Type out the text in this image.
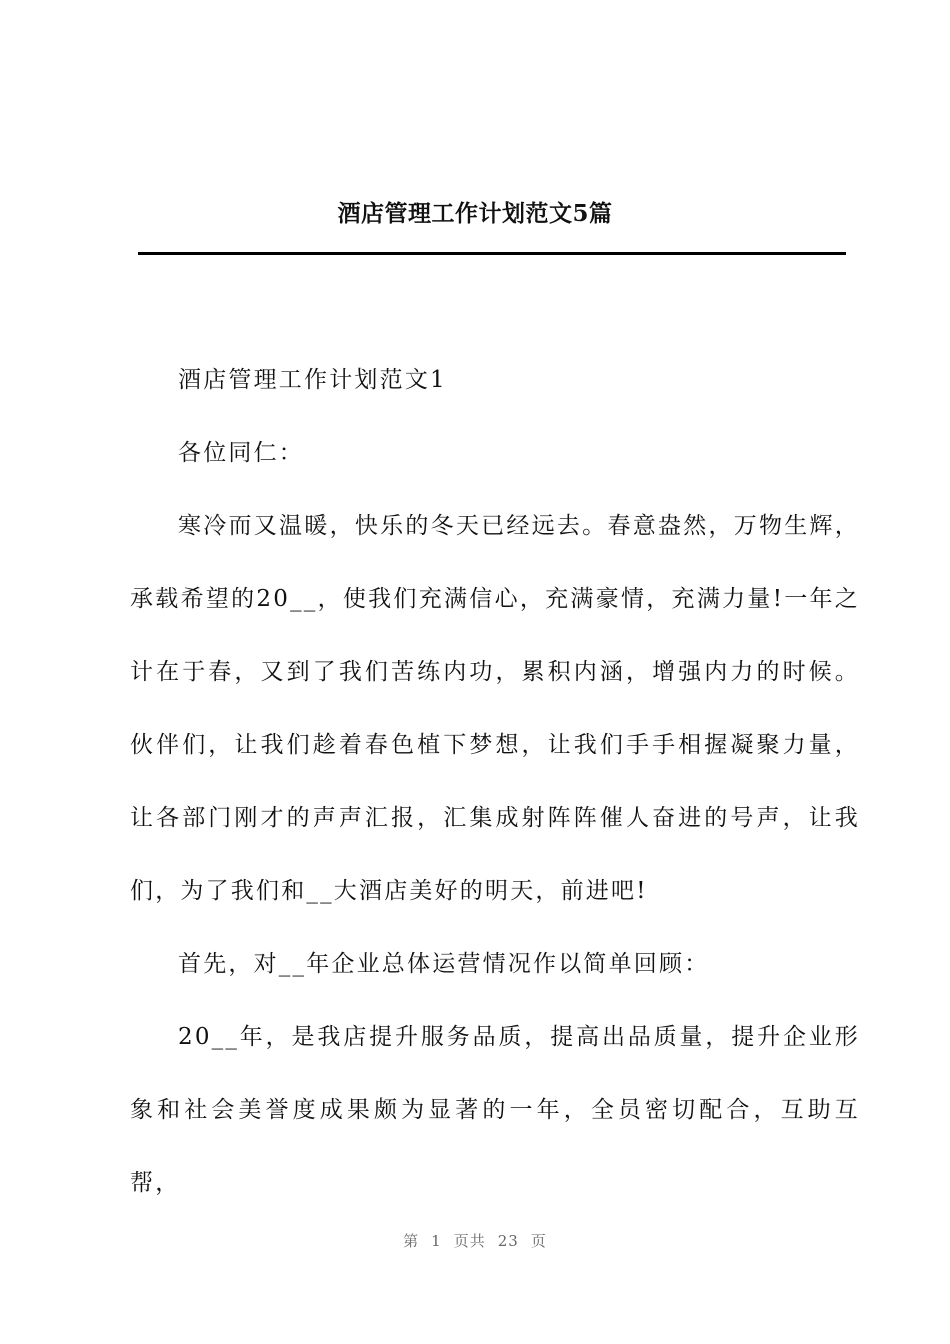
酒店管理工作计划范文5篇

酒店管理工作计划范文1

各位同仁：

寒冷而又温暖，快乐的冬天已经远去。春意盎然，万物生辉，承载希望的20__，使我们充满信心，充满豪情，充满力量!一年之计在于春，又到了我们苦练内功，累积内涵，增强内力的时候。伙伴们，让我们趁着春色植下梦想，让我们手手相握凝聚力量，让各部门刚才的声声汇报，汇集成射阵阵催人奋进的号声，让我们，为了我们和__大酒店美好的明天，前进吧!

首先，对__年企业总体运营情况作以简单回顾：

20__年，是我店提升服务品质，提高出品质量，提升企业形象和社会美誉度成果颇为显著的一年，全员密切配合，互助互帮，

第 1 页共 23 页
